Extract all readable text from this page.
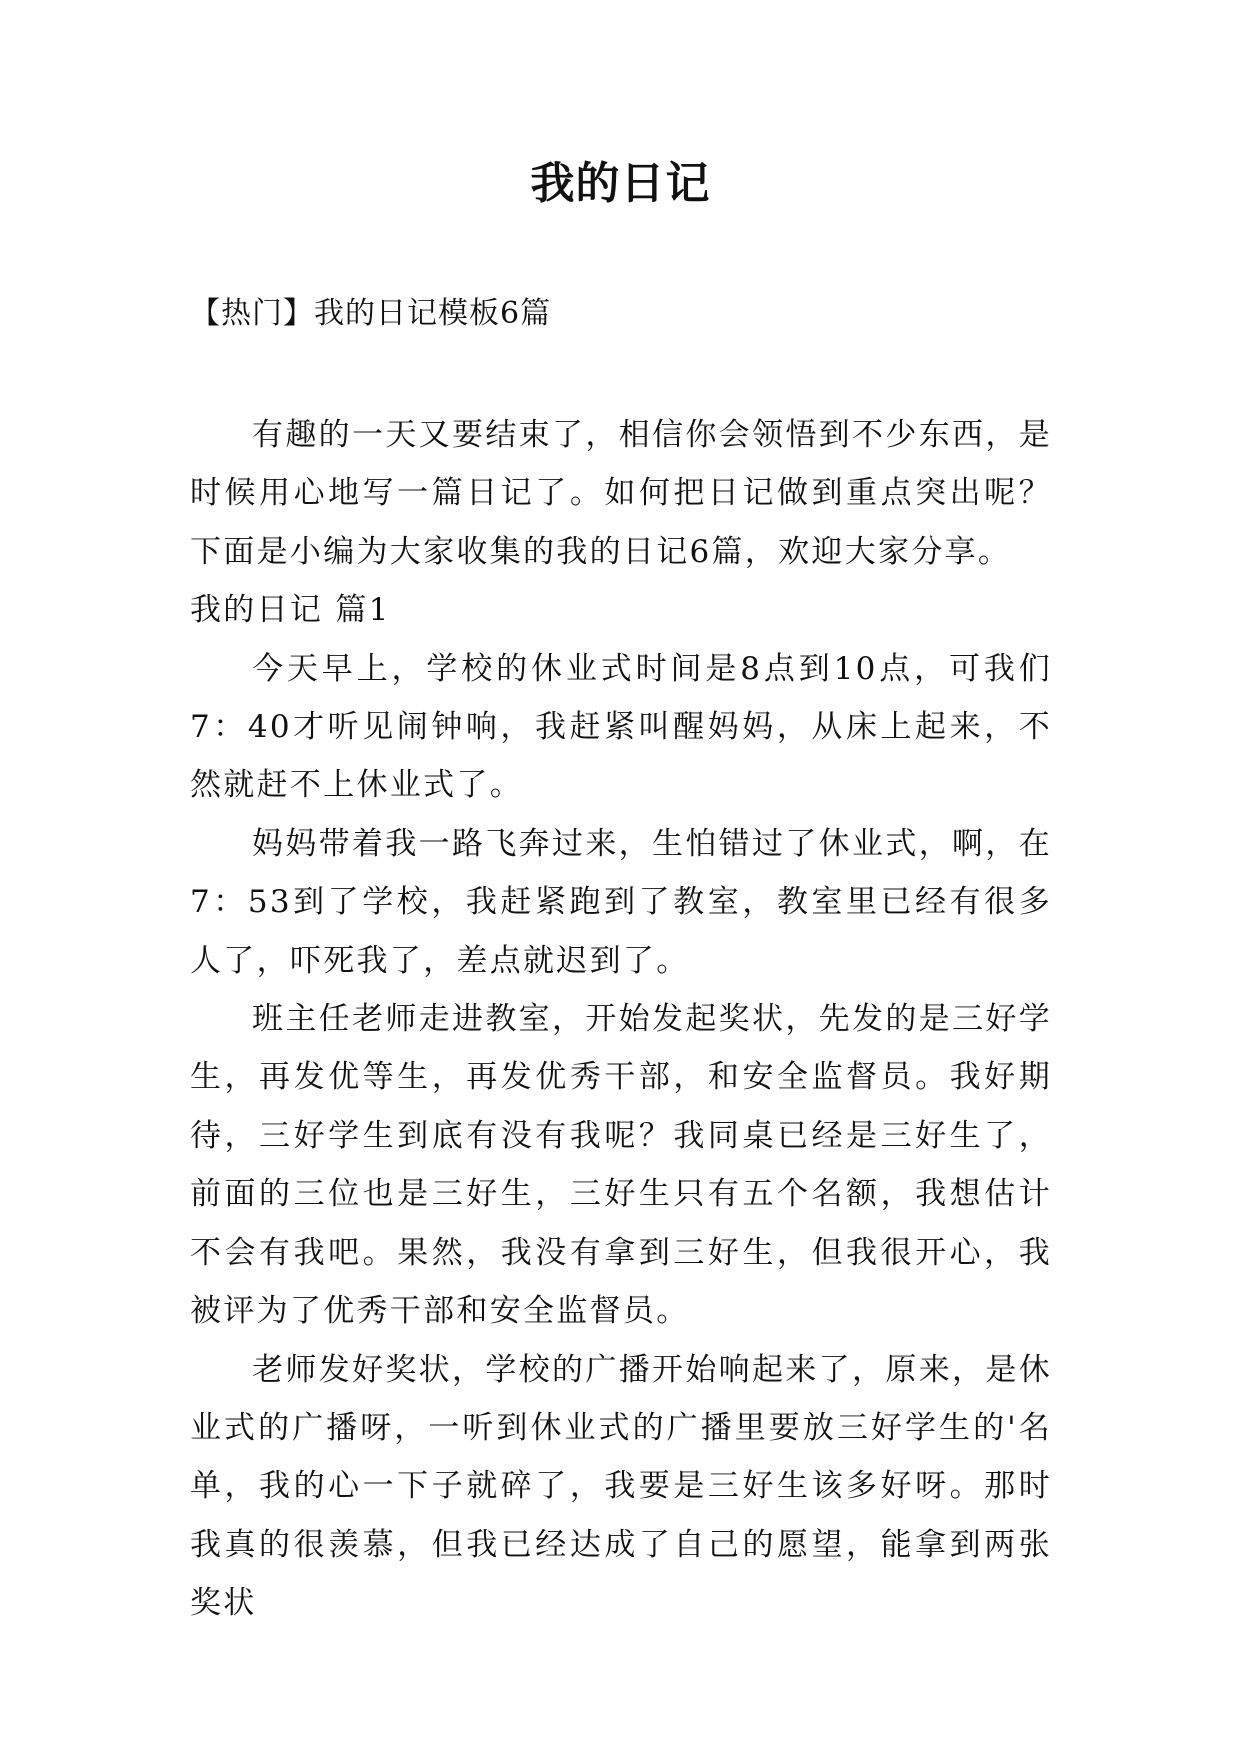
我的日记
【热门】我的日记模板6篇

有趣的一天又要结束了，相信你会领悟到不少东西，是时候用心地写一篇日记了。如何把日记做到重点突出呢？下面是小编为大家收集的我的日记6篇，欢迎大家分享。

我的日记 篇1

今天早上，学校的休业式时间是8点到10点，可我们7：40才听见闹钟响，我赶紧叫醒妈妈，从床上起来，不然就赶不上休业式了。

妈妈带着我一路飞奔过来，生怕错过了休业式，啊，在7：53到了学校，我赶紧跑到了教室，教室里已经有很多人了，吓死我了，差点就迟到了。

班主任老师走进教室，开始发起奖状，先发的是三好学生，再发优等生，再发优秀干部，和安全监督员。我好期待，三好学生到底有没有我呢？我同桌已经是三好生了，前面的三位也是三好生，三好生只有五个名额，我想估计不会有我吧。果然，我没有拿到三好生，但我很开心，我被评为了优秀干部和安全监督员。

老师发好奖状，学校的广播开始响起来了，原来，是休业式的广播呀，一听到休业式的广播里要放三好学生的'名单，我的心一下子就碎了，我要是三好生该多好呀。那时我真的很羡慕，但我已经达成了自己的愿望，能拿到两张奖状
